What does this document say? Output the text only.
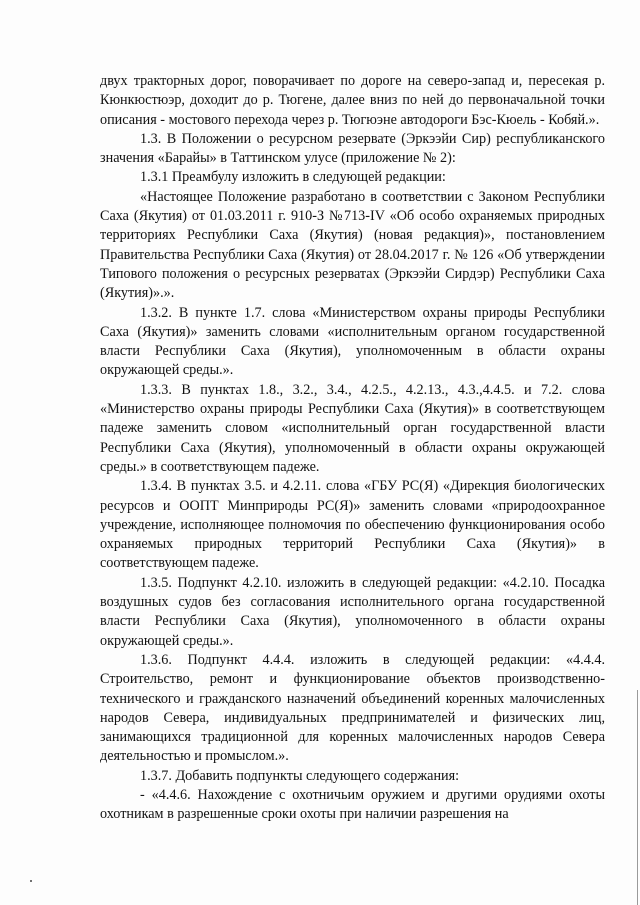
двух тракторных дорог, поворачивает по дороге на северо-запад и, пересекая р. Кюнкюстюэр, доходит до р. Тюгене, далее вниз по ней до первоначальной точки описания - мостового перехода через р. Тюгюэне автодороги Бэс-Кюель - Кобяй.».

1.3. В Положении о ресурсном резервате (Эркээйи Сир) республиканского значения «Барайы» в Таттинском улусе (приложение № 2):

1.3.1 Преамбулу изложить в следующей редакции:

«Настоящее Положение разработано в соответствии с Законом Республики Саха (Якутия) от 01.03.2011 г. 910-З №713-IV «Об особо охраняемых природных территориях Республики Саха (Якутия) (новая редакция)», постановлением Правительства Республики Саха (Якутия) от 28.04.2017 г. № 126 «Об утверждении Типового положения о ресурсных резерватах (Эркээйи Сирдэр) Республики Саха (Якутия)».».

1.3.2. В пункте 1.7. слова «Министерством охраны природы Республики Саха (Якутия)» заменить словами «исполнительным органом государственной власти Республики Саха (Якутия), уполномоченным в области охраны окружающей среды.».

1.3.3. В пунктах 1.8., 3.2., 3.4., 4.2.5., 4.2.13., 4.3.,4.4.5. и 7.2. слова «Министерство охраны природы Республики Саха (Якутия)» в соответствующем падеже заменить словом «исполнительный орган государственной власти Республики Саха (Якутия), уполномоченный в области охраны окружающей среды.» в соответствующем падеже.

1.3.4. В пунктах 3.5. и 4.2.11. слова «ГБУ РС(Я) «Дирекция биологических ресурсов и ООПТ Минприроды РС(Я)» заменить словами «природоохранное учреждение, исполняющее полномочия по обеспечению функционирования особо охраняемых природных территорий Республики Саха (Якутия)» в соответствующем падеже.

1.3.5. Подпункт 4.2.10. изложить в следующей редакции: «4.2.10. Посадка воздушных судов без согласования исполнительного органа государственной власти Республики Саха (Якутия), уполномоченного в области охраны окружающей среды.».

1.3.6. Подпункт 4.4.4. изложить в следующей редакции: «4.4.4. Строительство, ремонт и функционирование объектов производственно-технического и гражданского назначений объединений коренных малочисленных народов Севера, индивидуальных предпринимателей и физических лиц, занимающихся традиционной для коренных малочисленных народов Севера деятельностью и промыслом.».

1.3.7. Добавить подпункты следующего содержания:

- «4.4.6. Нахождение с охотничьим оружием и другими орудиями охоты охотникам в разрешенные сроки охоты при наличии разрешения на
